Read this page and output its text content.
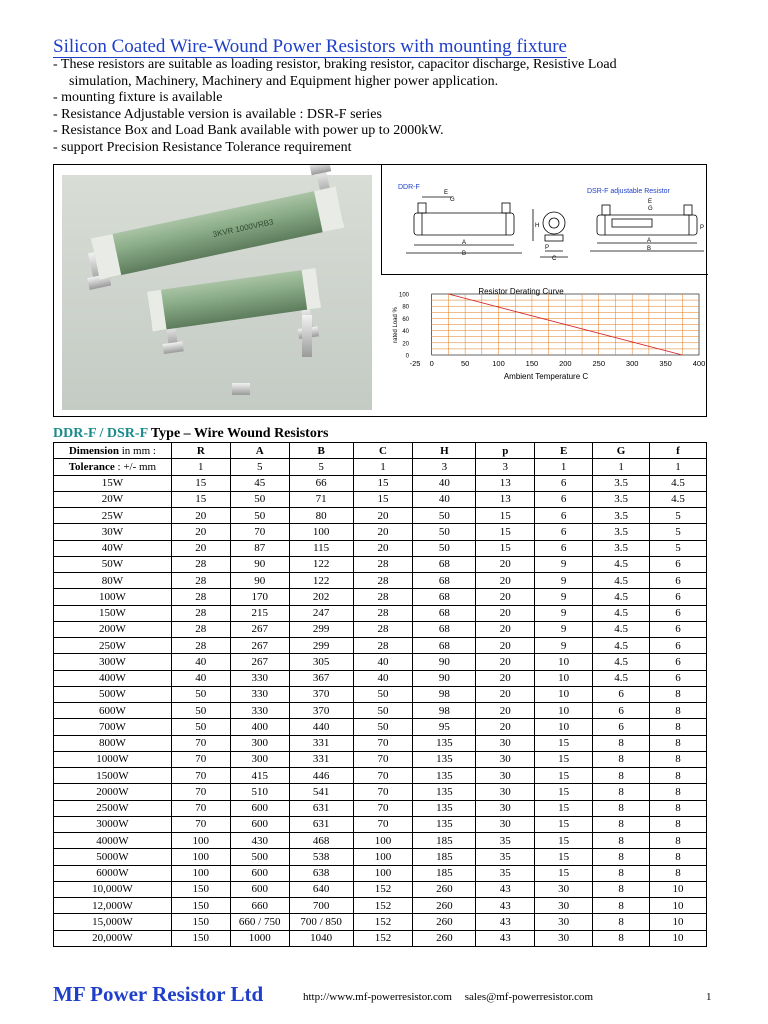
Silicon Coated Wire-Wound Power Resistors with mounting fixture
- These resistors are suitable as loading resistor, braking resistor, capacitor discharge, Resistive Load
simulation, Machinery, Machinery and Equipment higher power application.
- mounting fixture is available
- Resistance Adjustable version is available : DSR-F series
- Resistance Box and Load Bank available with power up to 2000kW.
- support Precision Resistance Tolerance requirement
3KVR 1000VRB3
DDR-F
DSR-F adjustable Resistor
E
G
A
B
H
C
P
E
G
A
B
P
Resistor Derating Curve
rated Load %
Ambient Temperature C
-25 0	50	100	150	200	250	300	350	400
0
20
40
60
80
100
DDR-F / DSR-F Type – Wire Wound Resistors
Dimension in mm :	R	A	B	C	H	p	E	G	f
Tolerance : +/- mm	1	5	5	1	3	3	1	1	1
15W	15	45	66	15	40	13	6	3.5	4.5
20W	15	50	71	15	40	13	6	3.5	4.5
25W	20	50	80	20	50	15	6	3.5	5
30W	20	70	100	20	50	15	6	3.5	5
40W	20	87	115	20	50	15	6	3.5	5
50W	28	90	122	28	68	20	9	4.5	6
80W	28	90	122	28	68	20	9	4.5	6
100W	28	170	202	28	68	20	9	4.5	6
150W	28	215	247	28	68	20	9	4.5	6
200W	28	267	299	28	68	20	9	4.5	6
250W	28	267	299	28	68	20	9	4.5	6
300W	40	267	305	40	90	20	10	4.5	6
400W	40	330	367	40	90	20	10	4.5	6
500W	50	330	370	50	98	20	10	6	8
600W	50	330	370	50	98	20	10	6	8
700W	50	400	440	50	95	20	10	6	8
800W	70	300	331	70	135	30	15	8	8
1000W	70	300	331	70	135	30	15	8	8
1500W	70	415	446	70	135	30	15	8	8
2000W	70	510	541	70	135	30	15	8	8
2500W	70	600	631	70	135	30	15	8	8
3000W	70	600	631	70	135	30	15	8	8
4000W	100	430	468	100	185	35	15	8	8
5000W	100	500	538	100	185	35	15	8	8
6000W	100	600	638	100	185	35	15	8	8
10,000W	150	600	640	152	260	43	30	8	10
12,000W	150	660	700	152	260	43	30	8	10
15,000W	150	660 / 750	700 / 850	152	260	43	30	8	10
20,000W	150	1000	1040	152	260	43	30	8	10
MF Power Resistor Ltd	http://www.mf-powerresistor.com sales@mf-powerresistor.com	1
